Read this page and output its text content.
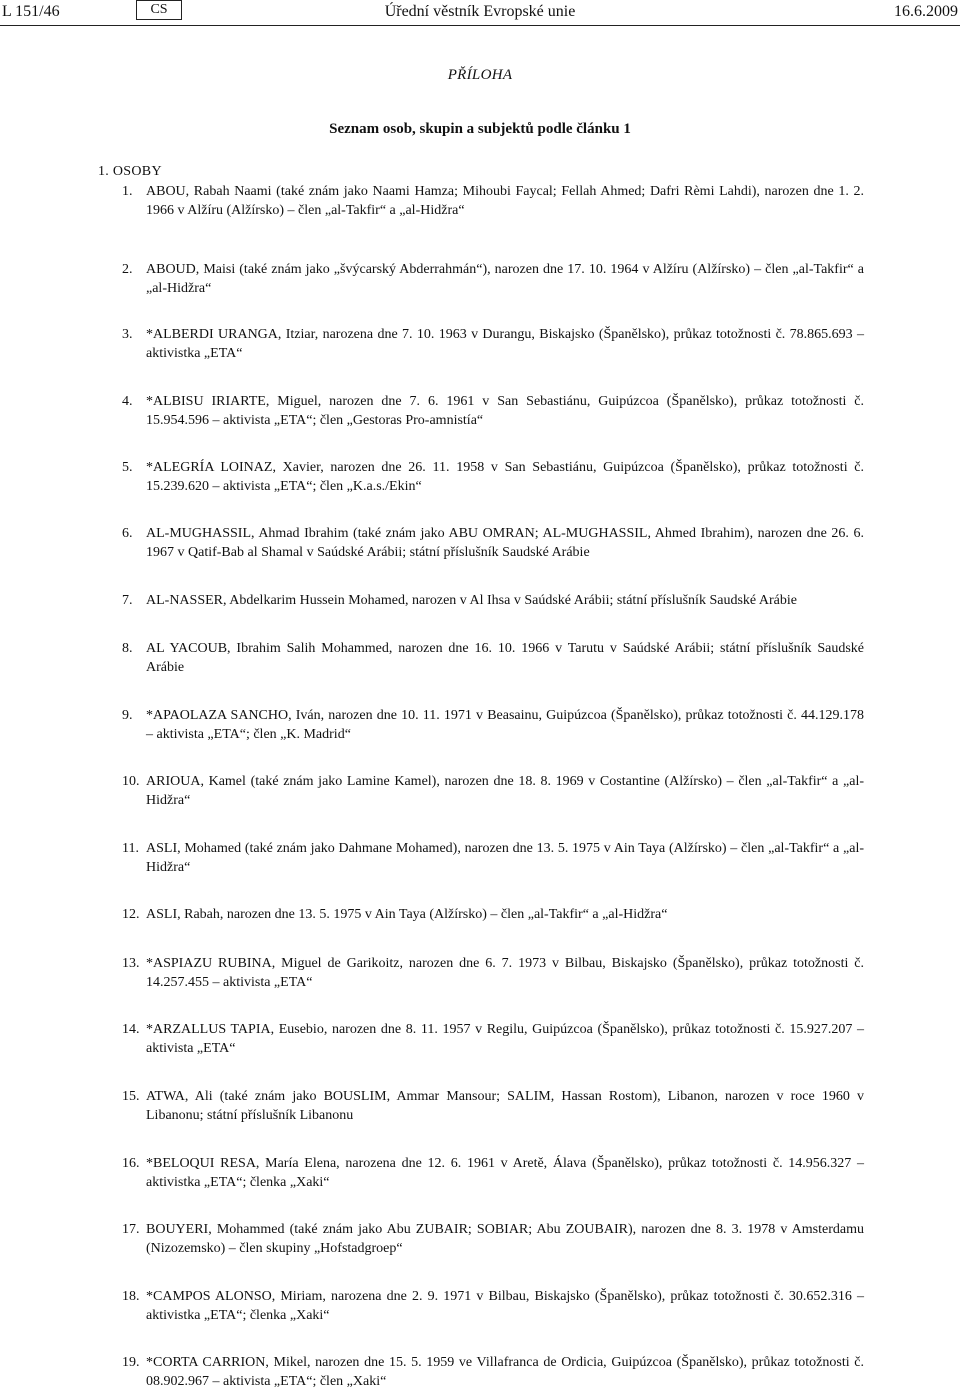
L 151/46	CS	Úřední věstník Evropské unie	16.6.2009
PŘÍLOHA
Seznam osob, skupin a subjektů podle článku 1
1. OSOBY
1. ABOU, Rabah Naami (také znám jako Naami Hamza; Mihoubi Faycal; Fellah Ahmed; Dafri Rèmi Lahdi), narozen dne 1. 2. 1966 v Alžíru (Alžírsko) – člen „al-Takfir“ a „al-Hidžra“
2. ABOUD, Maisi (také znám jako „švýcarský Abderrahmán“), narozen dne 17. 10. 1964 v Alžíru (Alžírsko) – člen „al-Takfir“ a „al-Hidžra“
3. *ALBERDI URANGA, Itziar, narozena dne 7. 10. 1963 v Durangu, Biskajsko (Španělsko), průkaz totožnosti č. 78.865.693 – aktivistka „ETA“
4. *ALBISU IRIARTE, Miguel, narozen dne 7. 6. 1961 v San Sebastiánu, Guipúzcoa (Španělsko), průkaz totožnosti č. 15.954.596 – aktivista „ETA“; člen „Gestoras Pro-amnistía“
5. *ALEGRÍA LOINAZ, Xavier, narozen dne 26. 11. 1958 v San Sebastiánu, Guipúzcoa (Španělsko), průkaz totožnosti č. 15.239.620 – aktivista „ETA“; člen „K.a.s./Ekin“
6. AL-MUGHASSIL, Ahmad Ibrahim (také znám jako ABU OMRAN; AL-MUGHASSIL, Ahmed Ibrahim), narozen dne 26. 6. 1967 v Qatif-Bab al Shamal v Saúdské Arábii; státní příslušník Saudské Arábie
7. AL-NASSER, Abdelkarim Hussein Mohamed, narozen v Al Ihsa v Saúdské Arábii; státní příslušník Saudské Arábie
8. AL YACOUB, Ibrahim Salih Mohammed, narozen dne 16. 10. 1966 v Tarutu v Saúdské Arábii; státní příslušník Saudské Arábie
9. *APAOLAZA SANCHO, Iván, narozen dne 10. 11. 1971 v Beasainu, Guipúzcoa (Španělsko), průkaz totožnosti č. 44.129.178 – aktivista „ETA“; člen „K. Madrid“
10. ARIOUA, Kamel (také znám jako Lamine Kamel), narozen dne 18. 8. 1969 v Costantine (Alžírsko) – člen „al-Takfir“ a „al-Hidžra“
11. ASLI, Mohamed (také znám jako Dahmane Mohamed), narozen dne 13. 5. 1975 v Ain Taya (Alžírsko) – člen „al-Takfir“ a „al-Hidžra“
12. ASLI, Rabah, narozen dne 13. 5. 1975 v Ain Taya (Alžírsko) – člen „al-Takfir“ a „al-Hidžra“
13. *ASPIAZU RUBINA, Miguel de Garikoitz, narozen dne 6. 7. 1973 v Bilbau, Biskajsko (Španělsko), průkaz totožnosti č. 14.257.455 – aktivista „ETA“
14. *ARZALLUS TAPIA, Eusebio, narozen dne 8. 11. 1957 v Regilu, Guipúzcoa (Španělsko), průkaz totožnosti č. 15.927.207 – aktivista „ETA“
15. ATWA, Ali (také znám jako BOUSLIM, Ammar Mansour; SALIM, Hassan Rostom), Libanon, narozen v roce 1960 v Libanonu; státní příslušník Libanonu
16. *BELOQUI RESA, María Elena, narozena dne 12. 6. 1961 v Aretě, Álava (Španělsko), průkaz totožnosti č. 14.956.327 – aktivistka „ETA“; členka „Xaki“
17. BOUYERI, Mohammed (také znám jako Abu ZUBAIR; SOBIAR; Abu ZOUBAIR), narozen dne 8. 3. 1978 v Amsterdamu (Nizozemsko) – člen skupiny „Hofstadgroep“
18. *CAMPOS ALONSO, Miriam, narozena dne 2. 9. 1971 v Bilbau, Biskajsko (Španělsko), průkaz totožnosti č. 30.652.316 – aktivistka „ETA“; členka „Xaki“
19. *CORTA CARRION, Mikel, narozen dne 15. 5. 1959 ve Villafranca de Ordicia, Guipúzcoa (Španělsko), průkaz totožnosti č. 08.902.967 – aktivista „ETA“; člen „Xaki“
